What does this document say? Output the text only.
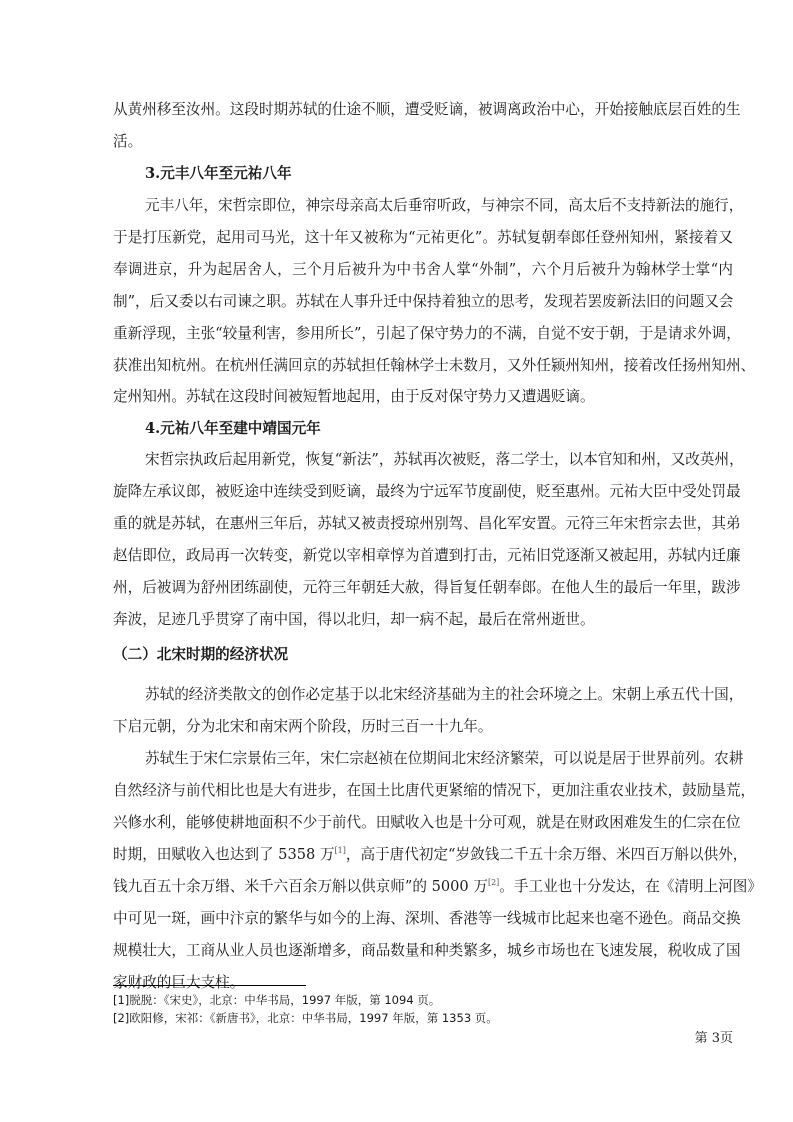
从黄州移至汝州。这段时期苏轼的仕途不顺，遭受贬谪，被调离政治中心，开始接触底层百姓的生
活。
3.元丰八年至元祐八年
元丰八年，宋哲宗即位，神宗母亲高太后垂帘听政，与神宗不同，高太后不支持新法的施行，
于是打压新党，起用司马光，这十年又被称为“元祐更化”。苏轼复朝奉郎任登州知州，紧接着又
奉调进京，升为起居舍人，三个月后被升为中书舍人掌“外制”，六个月后被升为翰林学士掌“内
制”，后又委以右司谏之职。苏轼在人事升迁中保持着独立的思考，发现若罢废新法旧的问题又会
重新浮现，主张“较量利害，参用所长”，引起了保守势力的不满，自觉不安于朝，于是请求外调，
获准出知杭州。在杭州任满回京的苏轼担任翰林学士未数月，又外任颍州知州，接着改任扬州知州、
定州知州。苏轼在这段时间被短暂地起用，由于反对保守势力又遭遇贬谪。
4.元祐八年至建中靖国元年
宋哲宗执政后起用新党，恢复“新法”，苏轼再次被贬，落二学士，以本官知和州，又改英州，
旋降左承议郎，被贬途中连续受到贬谪，最终为宁远军节度副使，贬至惠州。元祐大臣中受处罚最
重的就是苏轼，在惠州三年后，苏轼又被责授琼州别驾、昌化军安置。元符三年宋哲宗去世，其弟
赵佶即位，政局再一次转变，新党以宰相章惇为首遭到打击，元祐旧党逐渐又被起用，苏轼内迁廉
州，后被调为舒州团练副使，元符三年朝廷大赦，得旨复任朝奉郎。在他人生的最后一年里，跋涉
奔波，足迹几乎贯穿了南中国，得以北归，却一病不起，最后在常州逝世。
（二）北宋时期的经济状况
苏轼的经济类散文的创作必定基于以北宋经济基础为主的社会环境之上。宋朝上承五代十国，
下启元朝，分为北宋和南宋两个阶段，历时三百一十九年。
苏轼生于宋仁宗景佑三年，宋仁宗赵祯在位期间北宋经济繁荣，可以说是居于世界前列。农耕
自然经济与前代相比也是大有进步，在国土比唐代更紧缩的情况下，更加注重农业技术，鼓励垦荒，
兴修水利，能够使耕地面积不少于前代。田赋收入也是十分可观，就是在财政困难发生的仁宗在位
时期，田赋收入也达到了 5358 万[1]，高于唐代初定“岁敛钱二千五十余万缗、米四百万斛以供外，
钱九百五十余万缗、米千六百余万斛以供京师”的 5000 万[2]。手工业也十分发达，在《清明上河图》
中可见一斑，画中汴京的繁华与如今的上海、深圳、香港等一线城市比起来也毫不逊色。商品交换
规模壮大，工商从业人员也逐渐增多，商品数量和种类繁多，城乡市场也在飞速发展，税收成了国
家财政的巨大支柱。
[1]脱脱：《宋史》，北京：中华书局，1997 年版，第 1094 页。
[2]欧阳修，宋祁：《新唐书》，北京：中华书局，1997 年版，第 1353 页。
第 3页
